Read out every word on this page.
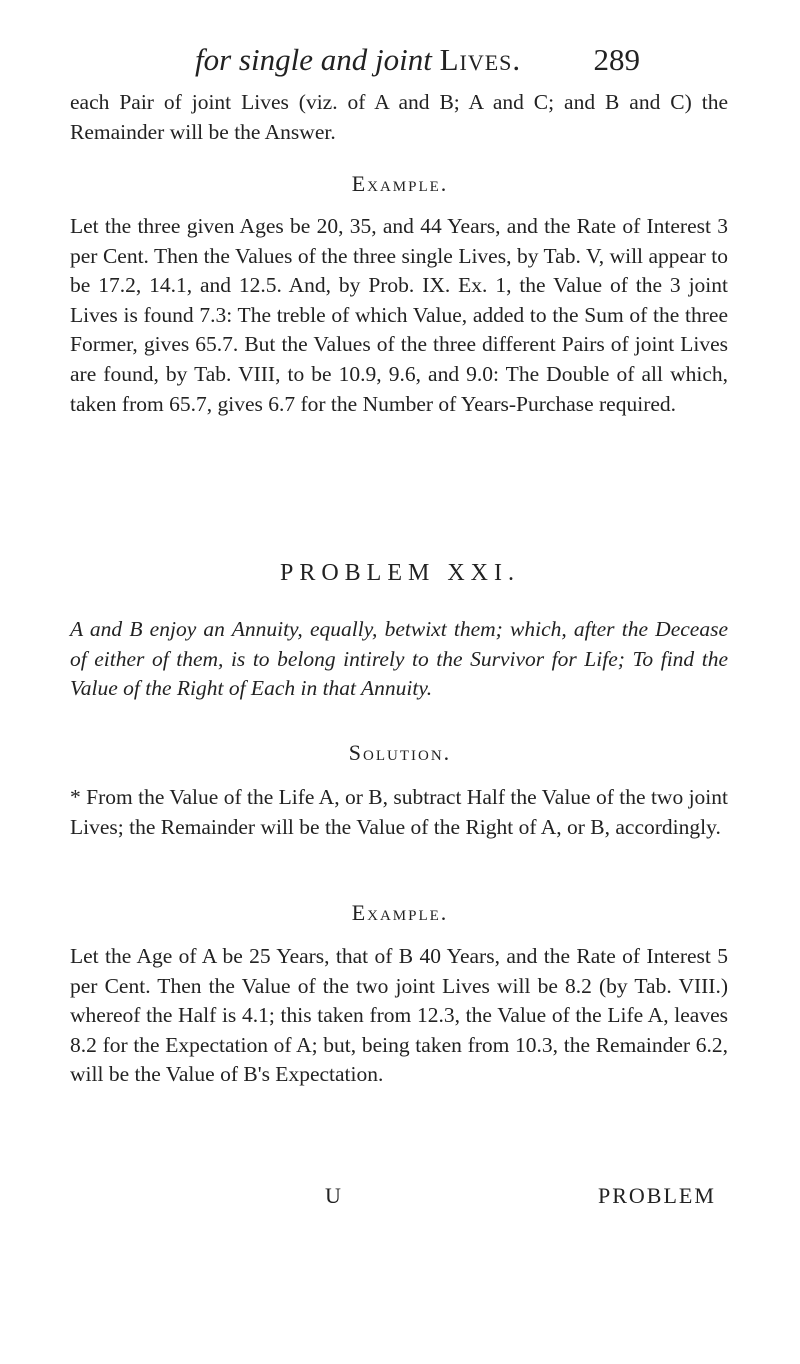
for single and joint Lives. 289

each Pair of joint Lives (viz. of A and B; A and C; and B and C) the Remainder will be the Answer.

Example.

Let the three given Ages be 20, 35, and 44 Years, and the Rate of Interest 3 per Cent. Then the Values of the three single Lives, by Tab. V, will appear to be 17.2, 14.1, and 12.5. And, by Prob. IX. Ex. 1, the Value of the 3 joint Lives is found 7.3: The treble of which Value, added to the Sum of the three Former, gives 65.7. But the Values of the three different Pairs of joint Lives are found, by Tab. VIII, to be 10.9, 9.6, and 9.0: The Double of all which, taken from 65.7, gives 6.7 for the Number of Years-Purchase required.

PROBLEM XXI.

A and B enjoy an Annuity, equally, betwixt them; which, after the Decease of either of them, is to belong intirely to the Survivor for Life; To find the Value of the Right of Each in that Annuity.

Solution.

* From the Value of the Life A, or B, subtract Half the Value of the two joint Lives; the Remainder will be the Value of the Right of A, or B, accordingly.

Example.

Let the Age of A be 25 Years, that of B 40 Years, and the Rate of Interest 5 per Cent. Then the Value of the two joint Lives will be 8.2 (by Tab. VIII.) whereof the Half is 4.1; this taken from 12.3, the Value of the Life A, leaves 8.2 for the Expectation of A; but, being taken from 10.3, the Remainder 6.2, will be the Value of B's Expectation.

U	PROBLEM
